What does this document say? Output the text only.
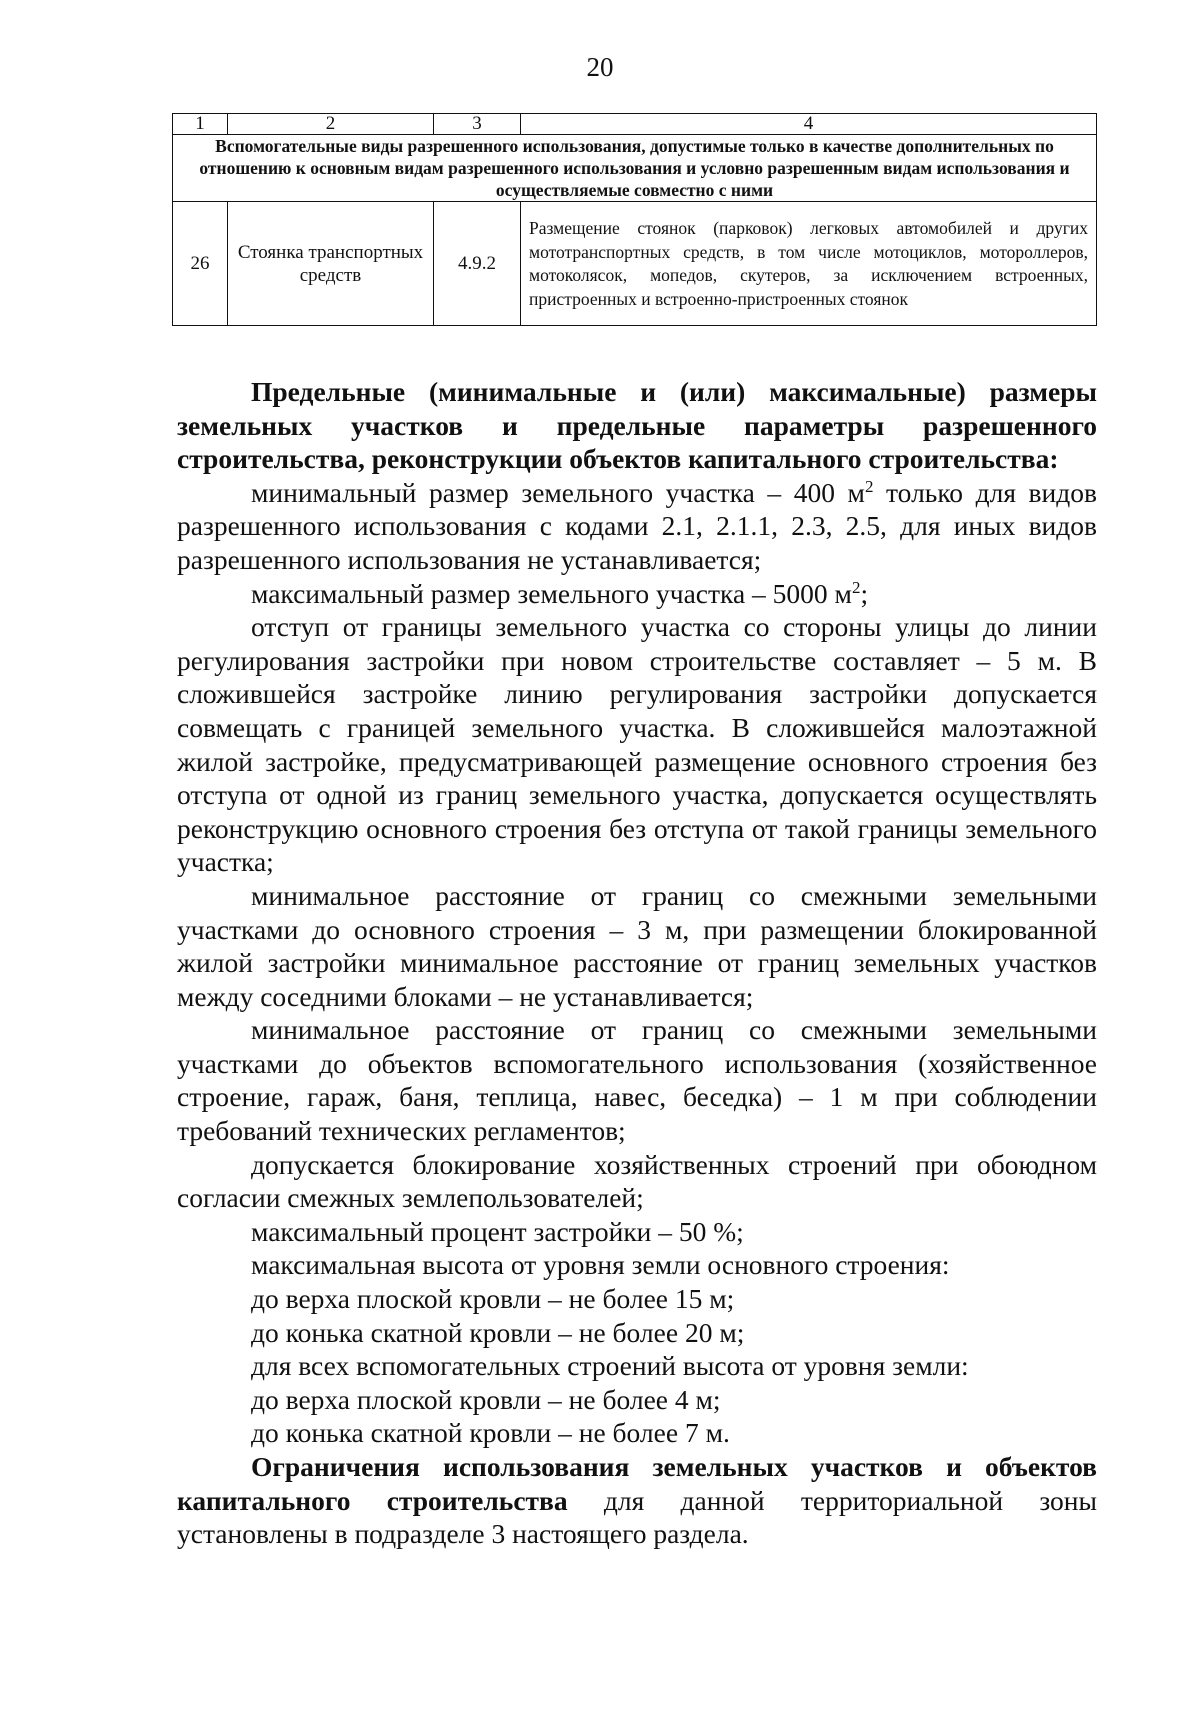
20
1	2	3	4
Вспомогательные виды разрешенного использования, допустимые только в качестве дополнительных по отношению к основным видам разрешенного использования и условно разрешенным видам использования и осуществляемые совместно с ними			
26	Стоянка транспортных средств	4.9.2	Размещение стоянок (парковок) легковых автомобилей и других мототранспортных средств, в том числе мотоциклов, мотороллеров, мотоколясок, мопедов, скутеров, за исключением встроенных, пристроенных и встроенно-пристроенных стоянок

Предельные (минимальные и (или) максимальные) размеры земельных участков и предельные параметры разрешенного строительства, реконструкции объектов капитального строительства:

минимальный размер земельного участка – 400 $м^2$ только для видов разрешенного использования с кодами 2.1, 2.1.1, 2.3, 2.5, для иных видов разрешенного использования не устанавливается;

максимальный размер земельного участка – 5000 $м^2$;

отступ от границы земельного участка со стороны улицы до линии регулирования застройки при новом строительстве составляет – 5 м. В сложившейся застройке линию регулирования застройки допускается совмещать с границей земельного участка. В сложившейся малоэтажной жилой застройке, предусматривающей размещение основного строения без отступа от одной из границ земельного участка, допускается осуществлять реконструкцию основного строения без отступа от такой границы земельного участка;

минимальное расстояние от границ со смежными земельными участками до основного строения – 3 м, при размещении блокированной жилой застройки минимальное расстояние от границ земельных участков между соседними блоками – не устанавливается;

минимальное расстояние от границ со смежными земельными участками до объектов вспомогательного использования (хозяйственное строение, гараж, баня, теплица, навес, беседка) – 1 м при соблюдении требований технических регламентов;

допускается блокирование хозяйственных строений при обоюдном согласии смежных землепользователей;

максимальный процент застройки – 50 %;

максимальная высота от уровня земли основного строения:

до верха плоской кровли – не более 15 м;

до конька скатной кровли – не более 20 м;

для всех вспомогательных строений высота от уровня земли:

до верха плоской кровли – не более 4 м;

до конька скатной кровли – не более 7 м.

Ограничения использования земельных участков и объектов капитального строительства для данной территориальной зоны установлены в подразделе 3 настоящего раздела.
